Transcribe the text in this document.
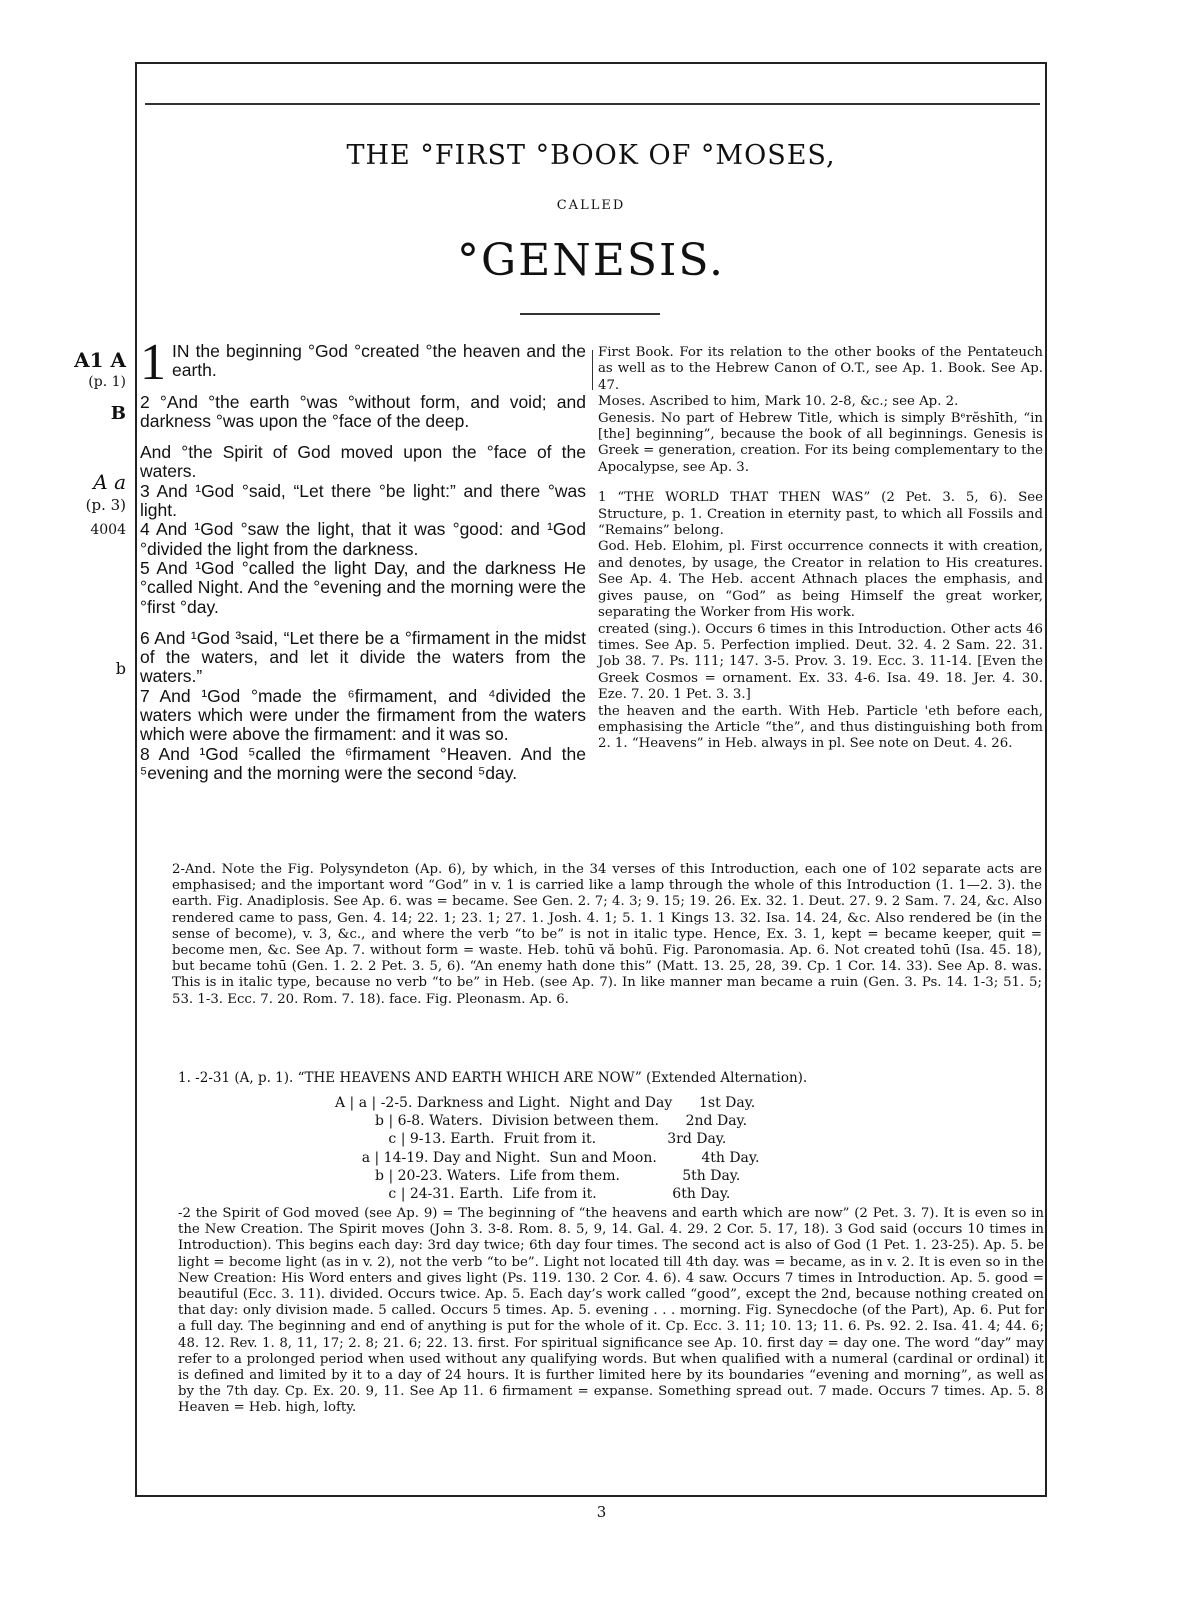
THE °FIRST °BOOK OF °MOSES,
CALLED
°GENESIS.
A1 A
(p. 1)
B
A a
(p. 3)
4004
b

1 IN the beginning °God °created °the heaven and the earth.

2 °And °the earth °was °without form, and void; and darkness °was upon the °face of the deep.

And °the Spirit of God moved upon the °face of the waters.

3 And ¹God °said, “Let there °be light:” and there °was light.

4 And ¹God °saw the light, that it was °good: and ¹God °divided the light from the darkness.

5 And ¹God °called the light Day, and the darkness He °called Night. And the °evening and the morning were the °first °day.

6 And ¹God ³said, “Let there be a °firmament in the midst of the waters, and let it divide the waters from the waters.”

7 And ¹God °made the ⁶firmament, and ⁴divided the waters which were under the firmament from the waters which were above the firmament: and it was so.

8 And ¹God ⁵called the ⁶firmament °Heaven. And the ⁵evening and the morning were the second ⁵day.

First Book. For its relation to the other books of the Pentateuch as well as to the Hebrew Canon of O.T., see Ap. 1. Book. See Ap. 47.

Moses. Ascribed to him, Mark 10. 2-8, &c.; see Ap. 2.

Genesis. No part of Hebrew Title, which is simply Bᵉrĕshīth, “in [the] beginning”, because the book of all beginnings. Genesis is Greek = generation, creation. For its being complementary to the Apocalypse, see Ap. 3.

1 “THE WORLD THAT THEN WAS” (2 Pet. 3. 5, 6). See Structure, p. 1. Creation in eternity past, to which all Fossils and “Remains” belong.

God. Heb. Elohim, pl. First occurrence connects it with creation, and denotes, by usage, the Creator in relation to His creatures. See Ap. 4. The Heb. accent Athnach places the emphasis, and gives pause, on “God” as being Himself the great worker, separating the Worker from His work.

created (sing.). Occurs 6 times in this Introduction. Other acts 46 times. See Ap. 5. Perfection implied. Deut. 32. 4. 2 Sam. 22. 31. Job 38. 7. Ps. 111; 147. 3-5. Prov. 3. 19. Ecc. 3. 11-14. [Even the Greek Cosmos = ornament. Ex. 33. 4-6. Isa. 49. 18. Jer. 4. 30. Eze. 7. 20. 1 Pet. 3. 3.]

the heaven and the earth. With Heb. Particle 'eth before each, emphasising the Article “the”, and thus distinguishing both from 2. 1. “Heavens” in Heb. always in pl. See note on Deut. 4. 26.

2-And. Note the Fig. Polysyndeton (Ap. 6), by which, in the 34 verses of this Introduction, each one of 102 separate acts are emphasised; and the important word “God” in v. 1 is carried like a lamp through the whole of this Introduction (1. 1—2. 3). the earth. Fig. Anadiplosis. See Ap. 6. was = became. See Gen. 2. 7; 4. 3; 9. 15; 19. 26. Ex. 32. 1. Deut. 27. 9. 2 Sam. 7. 24, &c. Also rendered came to pass, Gen. 4. 14; 22. 1; 23. 1; 27. 1. Josh. 4. 1; 5. 1. 1 Kings 13. 32. Isa. 14. 24, &c. Also rendered be (in the sense of become), v. 3, &c., and where the verb “to be” is not in italic type. Hence, Ex. 3. 1, kept = became keeper, quit = become men, &c. See Ap. 7. without form = waste. Heb. tohū vă bohū. Fig. Paronomasia. Ap. 6. Not created tohū (Isa. 45. 18), but became tohū (Gen. 1. 2. 2 Pet. 3. 5, 6). “An enemy hath done this” (Matt. 13. 25, 28, 39. Cp. 1 Cor. 14. 33). See Ap. 8. was. This is in italic type, because no verb “to be” in Heb. (see Ap. 7). In like manner man became a ruin (Gen. 3. Ps. 14. 1-3; 51. 5; 53. 1-3. Ecc. 7. 20. Rom. 7. 18). face. Fig. Pleonasm. Ap. 6.
1. -2-31 (A, p. 1). “THE HEAVENS AND EARTH WHICH ARE NOW” (Extended Alternation).
A | a | -2-5. Darkness and Light.  Night and Day      1st Day.
b | 6-8. Waters.  Division between them.      2nd Day.
c | 9-13. Earth.  Fruit from it.                3rd Day.
a | 14-19. Day and Night.  Sun and Moon.          4th Day.
b | 20-23. Waters.  Life from them.              5th Day.
c | 24-31. Earth.  Life from it.                 6th Day.
-2 the Spirit of God moved (see Ap. 9) = The beginning of “the heavens and earth which are now” (2 Pet. 3. 7). It is even so in the New Creation. The Spirit moves (John 3. 3-8. Rom. 8. 5, 9, 14. Gal. 4. 29. 2 Cor. 5. 17, 18). 3 God said (occurs 10 times in Introduction). This begins each day: 3rd day twice; 6th day four times. The second act is also of God (1 Pet. 1. 23-25). Ap. 5. be light = become light (as in v. 2), not the verb “to be”. Light not located till 4th day. was = became, as in v. 2. It is even so in the New Creation: His Word enters and gives light (Ps. 119. 130. 2 Cor. 4. 6). 4 saw. Occurs 7 times in Introduction. Ap. 5. good = beautiful (Ecc. 3. 11). divided. Occurs twice. Ap. 5. Each day’s work called “good”, except the 2nd, because nothing created on that day: only division made. 5 called. Occurs 5 times. Ap. 5. evening . . . morning. Fig. Synecdoche (of the Part), Ap. 6. Put for a full day. The beginning and end of anything is put for the whole of it. Cp. Ecc. 3. 11; 10. 13; 11. 6. Ps. 92. 2. Isa. 41. 4; 44. 6; 48. 12. Rev. 1. 8, 11, 17; 2. 8; 21. 6; 22. 13. first. For spiritual significance see Ap. 10. first day = day one. The word “day” may refer to a prolonged period when used without any qualifying words. But when qualified with a numeral (cardinal or ordinal) it is defined and limited by it to a day of 24 hours. It is further limited here by its boundaries “evening and morning”, as well as by the 7th day. Cp. Ex. 20. 9, 11. See Ap 11. 6 firmament = expanse. Something spread out. 7 made. Occurs 7 times. Ap. 5. 8 Heaven = Heb. high, lofty.
3
